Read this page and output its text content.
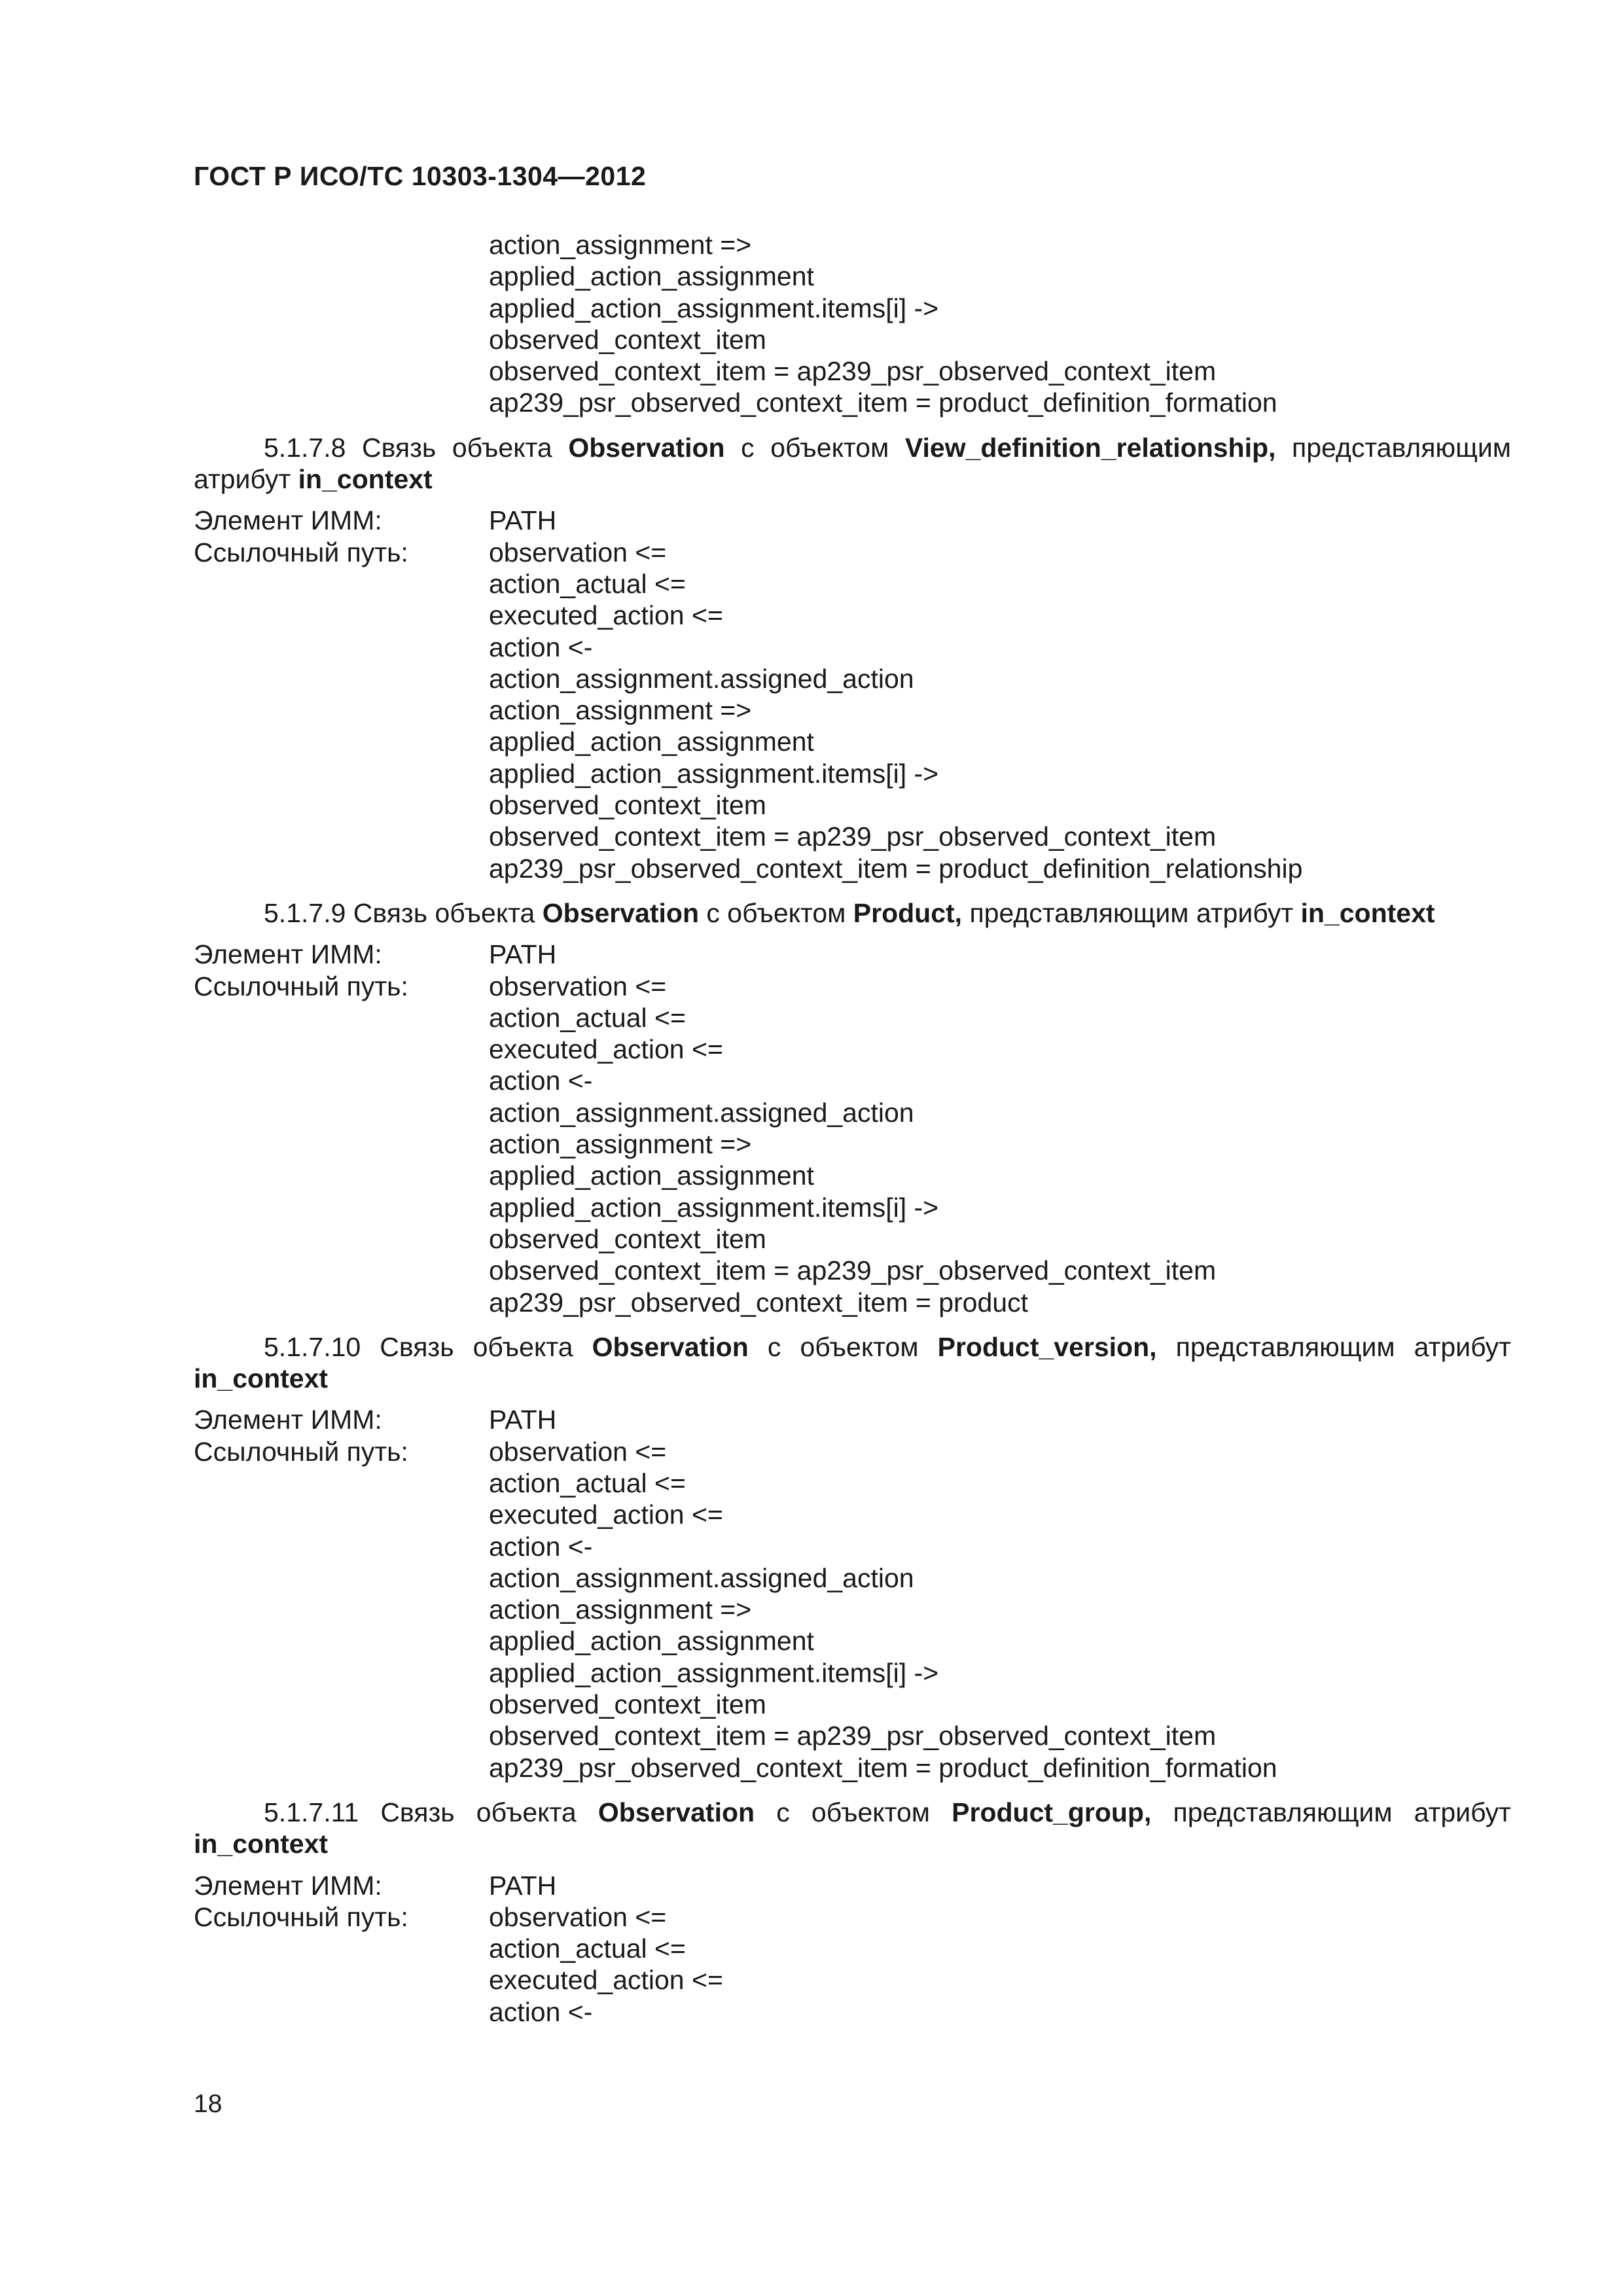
ГОСТ Р ИСО/ТС 10303-1304—2012
action_assignment =>
applied_action_assignment
applied_action_assignment.items[i] ->
observed_context_item
observed_context_item = ap239_psr_observed_context_item
ap239_psr_observed_context_item = product_definition_formation
5.1.7.8 Связь объекта Observation с объектом View_definition_relationship, представляющим атрибут in_context
Элемент ИММ:	PATH
Ссылочный путь:	observation <=
action_actual <=
executed_action <=
action <-
action_assignment.assigned_action
action_assignment =>
applied_action_assignment
applied_action_assignment.items[i] ->
observed_context_item
observed_context_item = ap239_psr_observed_context_item
ap239_psr_observed_context_item = product_definition_relationship
5.1.7.9 Связь объекта Observation с объектом Product, представляющим атрибут in_context
Элемент ИММ:	PATH
Ссылочный путь:	observation <=
action_actual <=
executed_action <=
action <-
action_assignment.assigned_action
action_assignment =>
applied_action_assignment
applied_action_assignment.items[i] ->
observed_context_item
observed_context_item = ap239_psr_observed_context_item
ap239_psr_observed_context_item = product
5.1.7.10 Связь объекта Observation с объектом Product_version, представляющим атрибут in_context
Элемент ИММ:	PATH
Ссылочный путь:	observation <=
action_actual <=
executed_action <=
action <-
action_assignment.assigned_action
action_assignment =>
applied_action_assignment
applied_action_assignment.items[i] ->
observed_context_item
observed_context_item = ap239_psr_observed_context_item
ap239_psr_observed_context_item = product_definition_formation
5.1.7.11 Связь объекта Observation с объектом Product_group, представляющим атрибут in_context
Элемент ИММ:	PATH
Ссылочный путь:	observation <=
action_actual <=
executed_action <=
action <-
18
